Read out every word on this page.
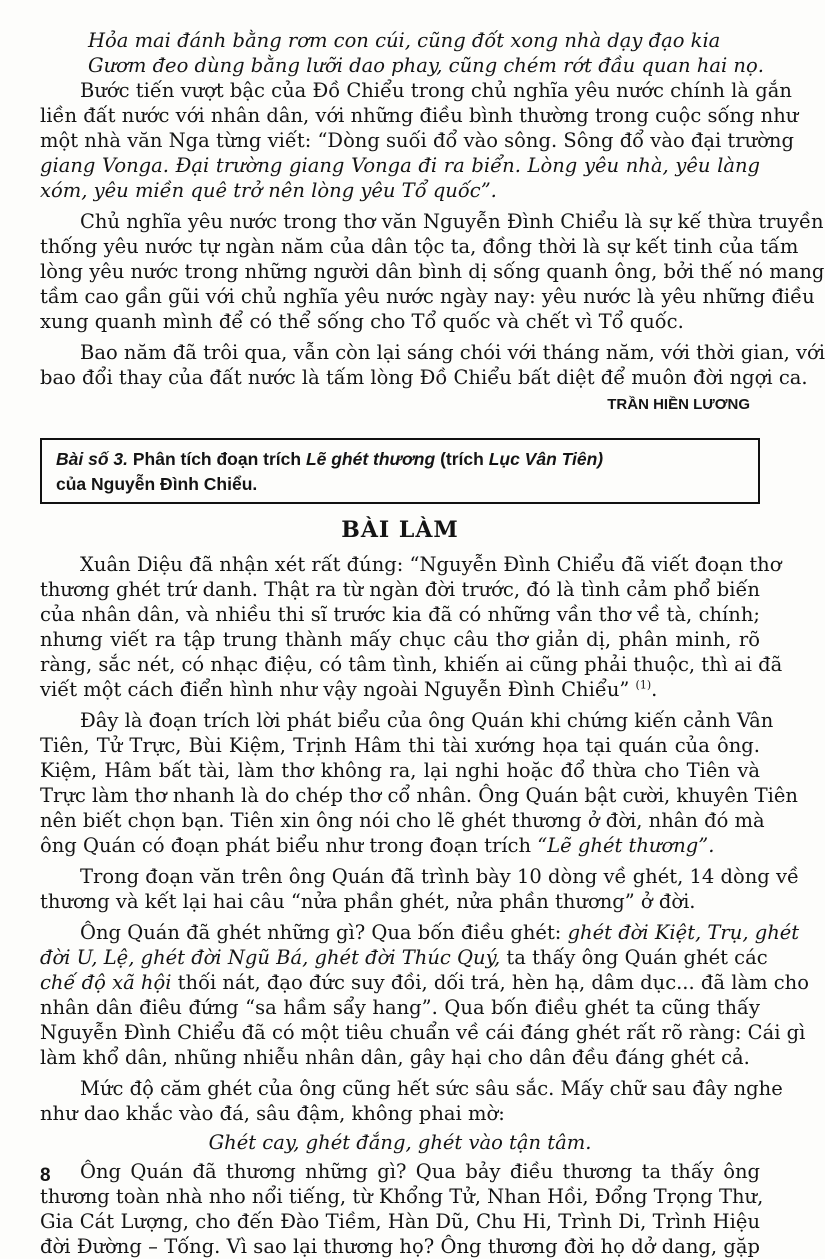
Hỏa mai đánh bằng rơm con cúi, cũng đốt xong nhà dạy đạo kia
Gươm đeo dùng bằng lưỡi dao phay, cũng chém rớt đầu quan hai nọ.
Bước tiến vượt bậc của Đồ Chiểu trong chủ nghĩa yêu nước chính là gắn
liền đất nước với nhân dân, với những điều bình thường trong cuộc sống như
một nhà văn Nga từng viết: “Dòng suối đổ vào sông. Sông đổ vào đại trường
giang Vonga. Đại trường giang Vonga đi ra biển. Lòng yêu nhà, yêu làng
xóm, yêu miền quê trở nên lòng yêu Tổ quốc”.
Chủ nghĩa yêu nước trong thơ văn Nguyễn Đình Chiểu là sự kế thừa truyền
thống yêu nước tự ngàn năm của dân tộc ta, đồng thời là sự kết tinh của tấm
lòng yêu nước trong những người dân bình dị sống quanh ông, bởi thế nó mang
tầm cao gần gũi với chủ nghĩa yêu nước ngày nay: yêu nước là yêu những điều
xung quanh mình để có thể sống cho Tổ quốc và chết vì Tổ quốc.
Bao năm đã trôi qua, vẫn còn lại sáng chói với tháng năm, với thời gian, với
bao đổi thay của đất nước là tấm lòng Đồ Chiểu bất diệt để muôn đời ngợi ca.
TRẦN HIỀN LƯƠNG
Bài số 3. Phân tích đoạn trích Lẽ ghét thương (trích Lục Vân Tiên)
của Nguyễn Đình Chiểu.
BÀI LÀM
Xuân Diệu đã nhận xét rất đúng: “Nguyễn Đình Chiểu đã viết đoạn thơ
thương ghét trứ danh. Thật ra từ ngàn đời trước, đó là tình cảm phổ biến
của nhân dân, và nhiều thi sĩ trước kia đã có những vần thơ về tà, chính;
nhưng viết ra tập trung thành mấy chục câu thơ giản dị, phân minh, rõ
ràng, sắc nét, có nhạc điệu, có tâm tình, khiến ai cũng phải thuộc, thì ai đã
viết một cách điển hình như vậy ngoài Nguyễn Đình Chiểu” $^{(1)}$.
Đây là đoạn trích lời phát biểu của ông Quán khi chứng kiến cảnh Vân
Tiên, Tử Trực, Bùi Kiệm, Trịnh Hâm thi tài xướng họa tại quán của ông.
Kiệm, Hâm bất tài, làm thơ không ra, lại nghi hoặc đổ thừa cho Tiên và
Trực làm thơ nhanh là do chép thơ cổ nhân. Ông Quán bật cười, khuyên Tiên
nên biết chọn bạn. Tiên xin ông nói cho lẽ ghét thương ở đời, nhân đó mà
ông Quán có đoạn phát biểu như trong đoạn trích “Lẽ ghét thương”.
Trong đoạn văn trên ông Quán đã trình bày 10 dòng về ghét, 14 dòng về
thương và kết lại hai câu “nửa phần ghét, nửa phần thương” ở đời.
Ông Quán đã ghét những gì? Qua bốn điều ghét: ghét đời Kiệt, Trụ, ghét
đời U, Lệ, ghét đời Ngũ Bá, ghét đời Thúc Quý, ta thấy ông Quán ghét các
chế độ xã hội thối nát, đạo đức suy đồi, dối trá, hèn hạ, dâm dục... đã làm cho
nhân dân điêu đứng “sa hầm sẩy hang”. Qua bốn điều ghét ta cũng thấy
Nguyễn Đình Chiểu đã có một tiêu chuẩn về cái đáng ghét rất rõ ràng: Cái gì
làm khổ dân, nhũng nhiễu nhân dân, gây hại cho dân đều đáng ghét cả.
Mức độ căm ghét của ông cũng hết sức sâu sắc. Mấy chữ sau đây nghe
như dao khắc vào đá, sâu đậm, không phai mờ:
Ghét cay, ghét đắng, ghét vào tận tâm.
Ông Quán đã thương những gì? Qua bảy điều thương ta thấy ông
thương toàn nhà nho nổi tiếng, từ Khổng Tử, Nhan Hồi, Đổng Trọng Thư,
Gia Cát Lượng, cho đến Đào Tiềm, Hàn Dũ, Chu Hi, Trình Di, Trình Hiệu
đời Đường – Tống. Vì sao lại thương họ? Ông thương đời họ dở dang, gặp
8
